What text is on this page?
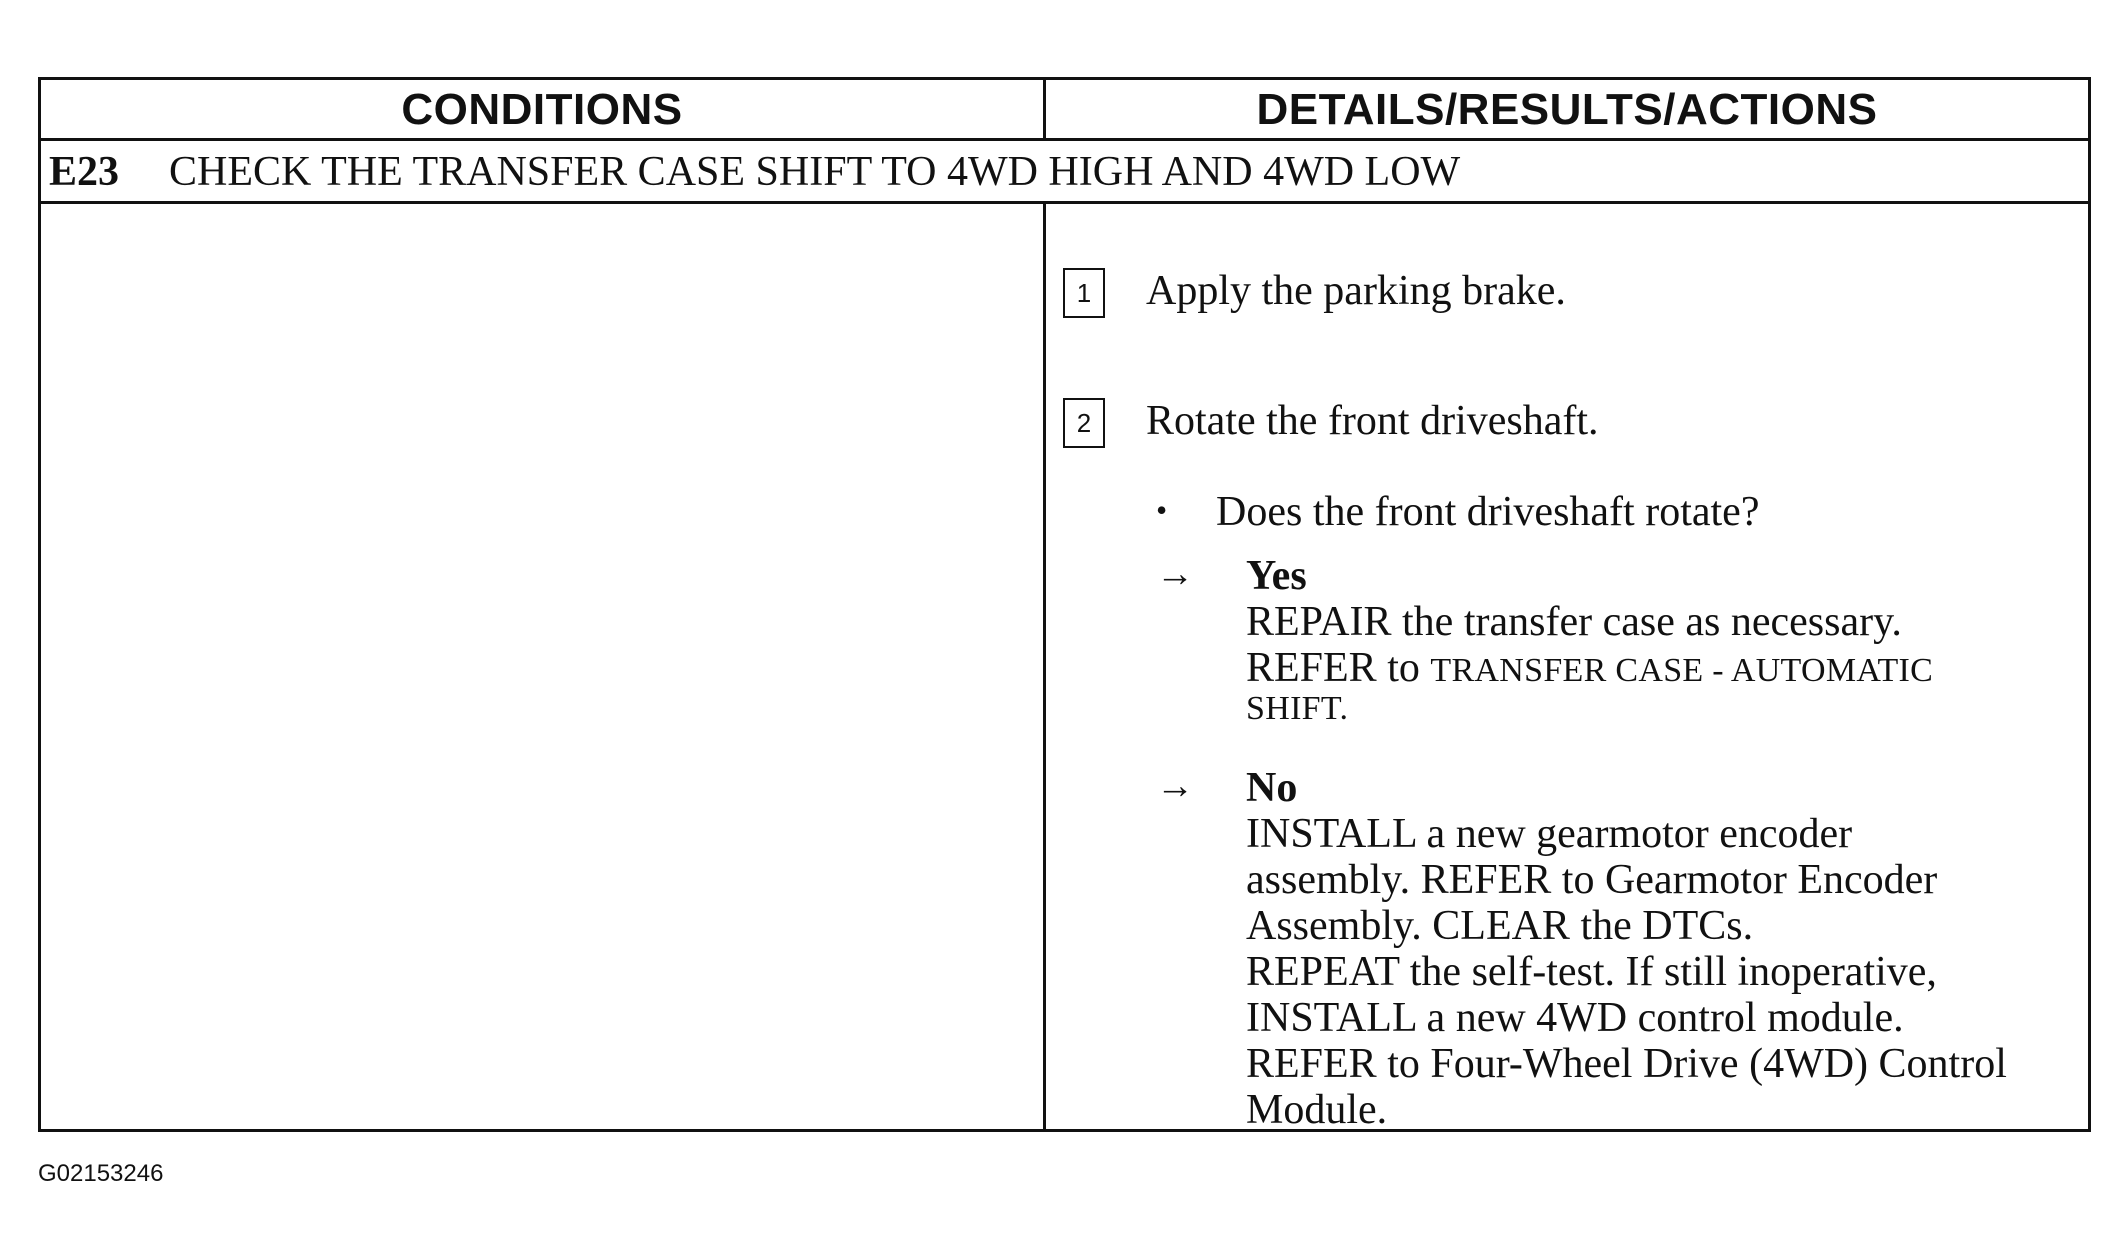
CONDITIONS	DETAILS/RESULTS/ACTIONS
E23 CHECK THE TRANSFER CASE SHIFT TO 4WD HIGH AND 4WD LOW
1	Apply the parking brake.
2	Rotate the front driveshaft.
• Does the front driveshaft rotate?
→ Yes
REPAIR the transfer case as necessary.
REFER to TRANSFER CASE - AUTOMATIC
SHIFT.
→ No
INSTALL a new gearmotor encoder
assembly. REFER to Gearmotor Encoder
Assembly. CLEAR the DTCs.
REPEAT the self-test. If still inoperative,
INSTALL a new 4WD control module.
REFER to Four-Wheel Drive (4WD) Control
Module.
G02153246
